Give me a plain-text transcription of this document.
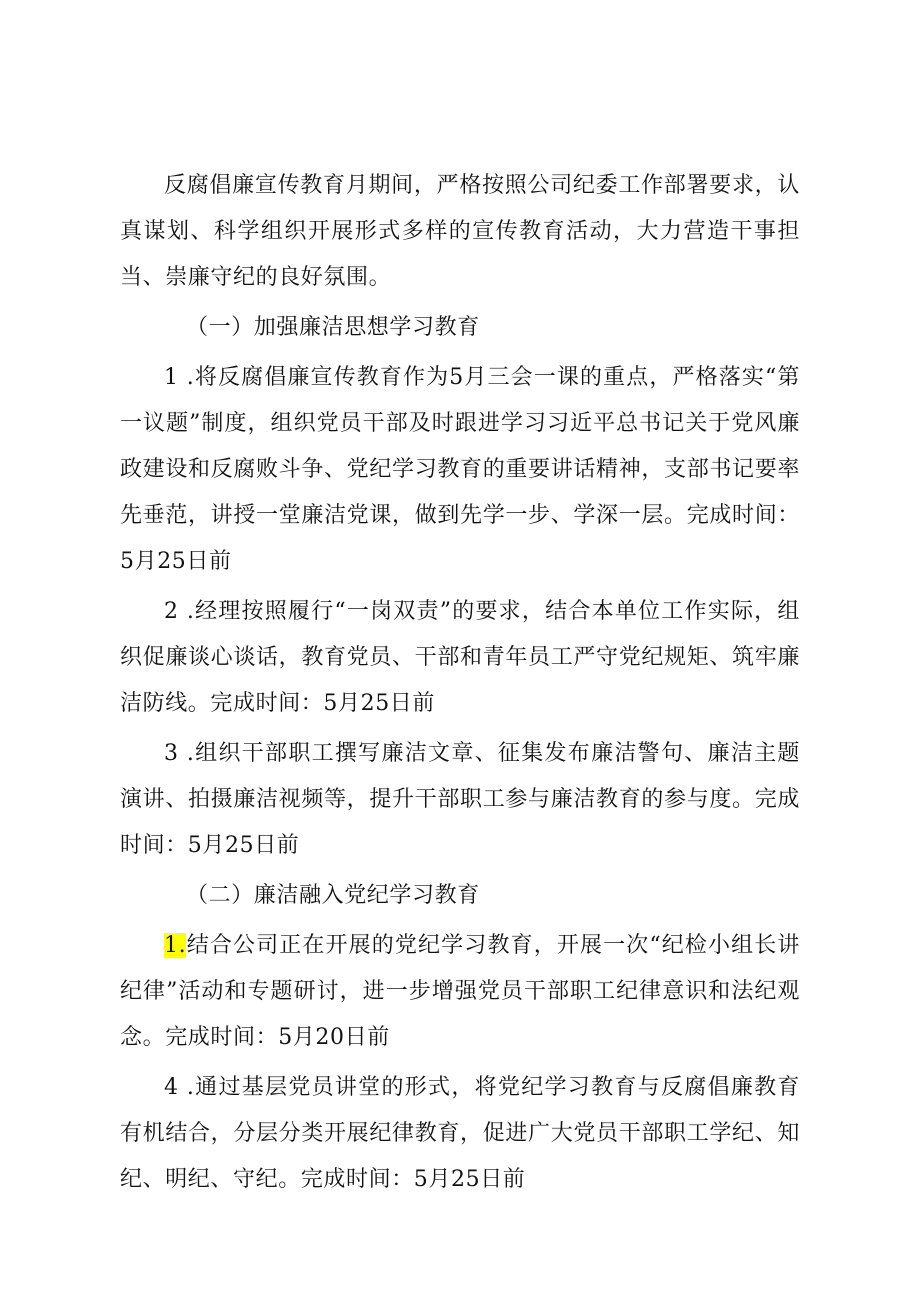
反腐倡廉宣传教育月期间，严格按照公司纪委工作部署要求，认真谋划、科学组织开展形式多样的宣传教育活动，大力营造干事担当、崇廉守纪的良好氛围。

（一）加强廉洁思想学习教育

1 .将反腐倡廉宣传教育作为5月三会一课的重点，严格落实“第一议题”制度，组织党员干部及时跟进学习习近平总书记关于党风廉政建设和反腐败斗争、党纪学习教育的重要讲话精神，支部书记要率先垂范，讲授一堂廉洁党课，做到先学一步、学深一层。完成时间：5月25日前

2 .经理按照履行“一岗双责”的要求，结合本单位工作实际，组织促廉谈心谈话，教育党员、干部和青年员工严守党纪规矩、筑牢廉洁防线。完成时间：5月25日前

3 .组织干部职工撰写廉洁文章、征集发布廉洁警句、廉洁主题演讲、拍摄廉洁视频等，提升干部职工参与廉洁教育的参与度。完成时间：5月25日前

（二）廉洁融入党纪学习教育

1.结合公司正在开展的党纪学习教育，开展一次“纪检小组长讲纪律”活动和专题研讨，进一步增强党员干部职工纪律意识和法纪观念。完成时间：5月20日前

4 .通过基层党员讲堂的形式，将党纪学习教育与反腐倡廉教育有机结合，分层分类开展纪律教育，促进广大党员干部职工学纪、知纪、明纪、守纪。完成时间：5月25日前
